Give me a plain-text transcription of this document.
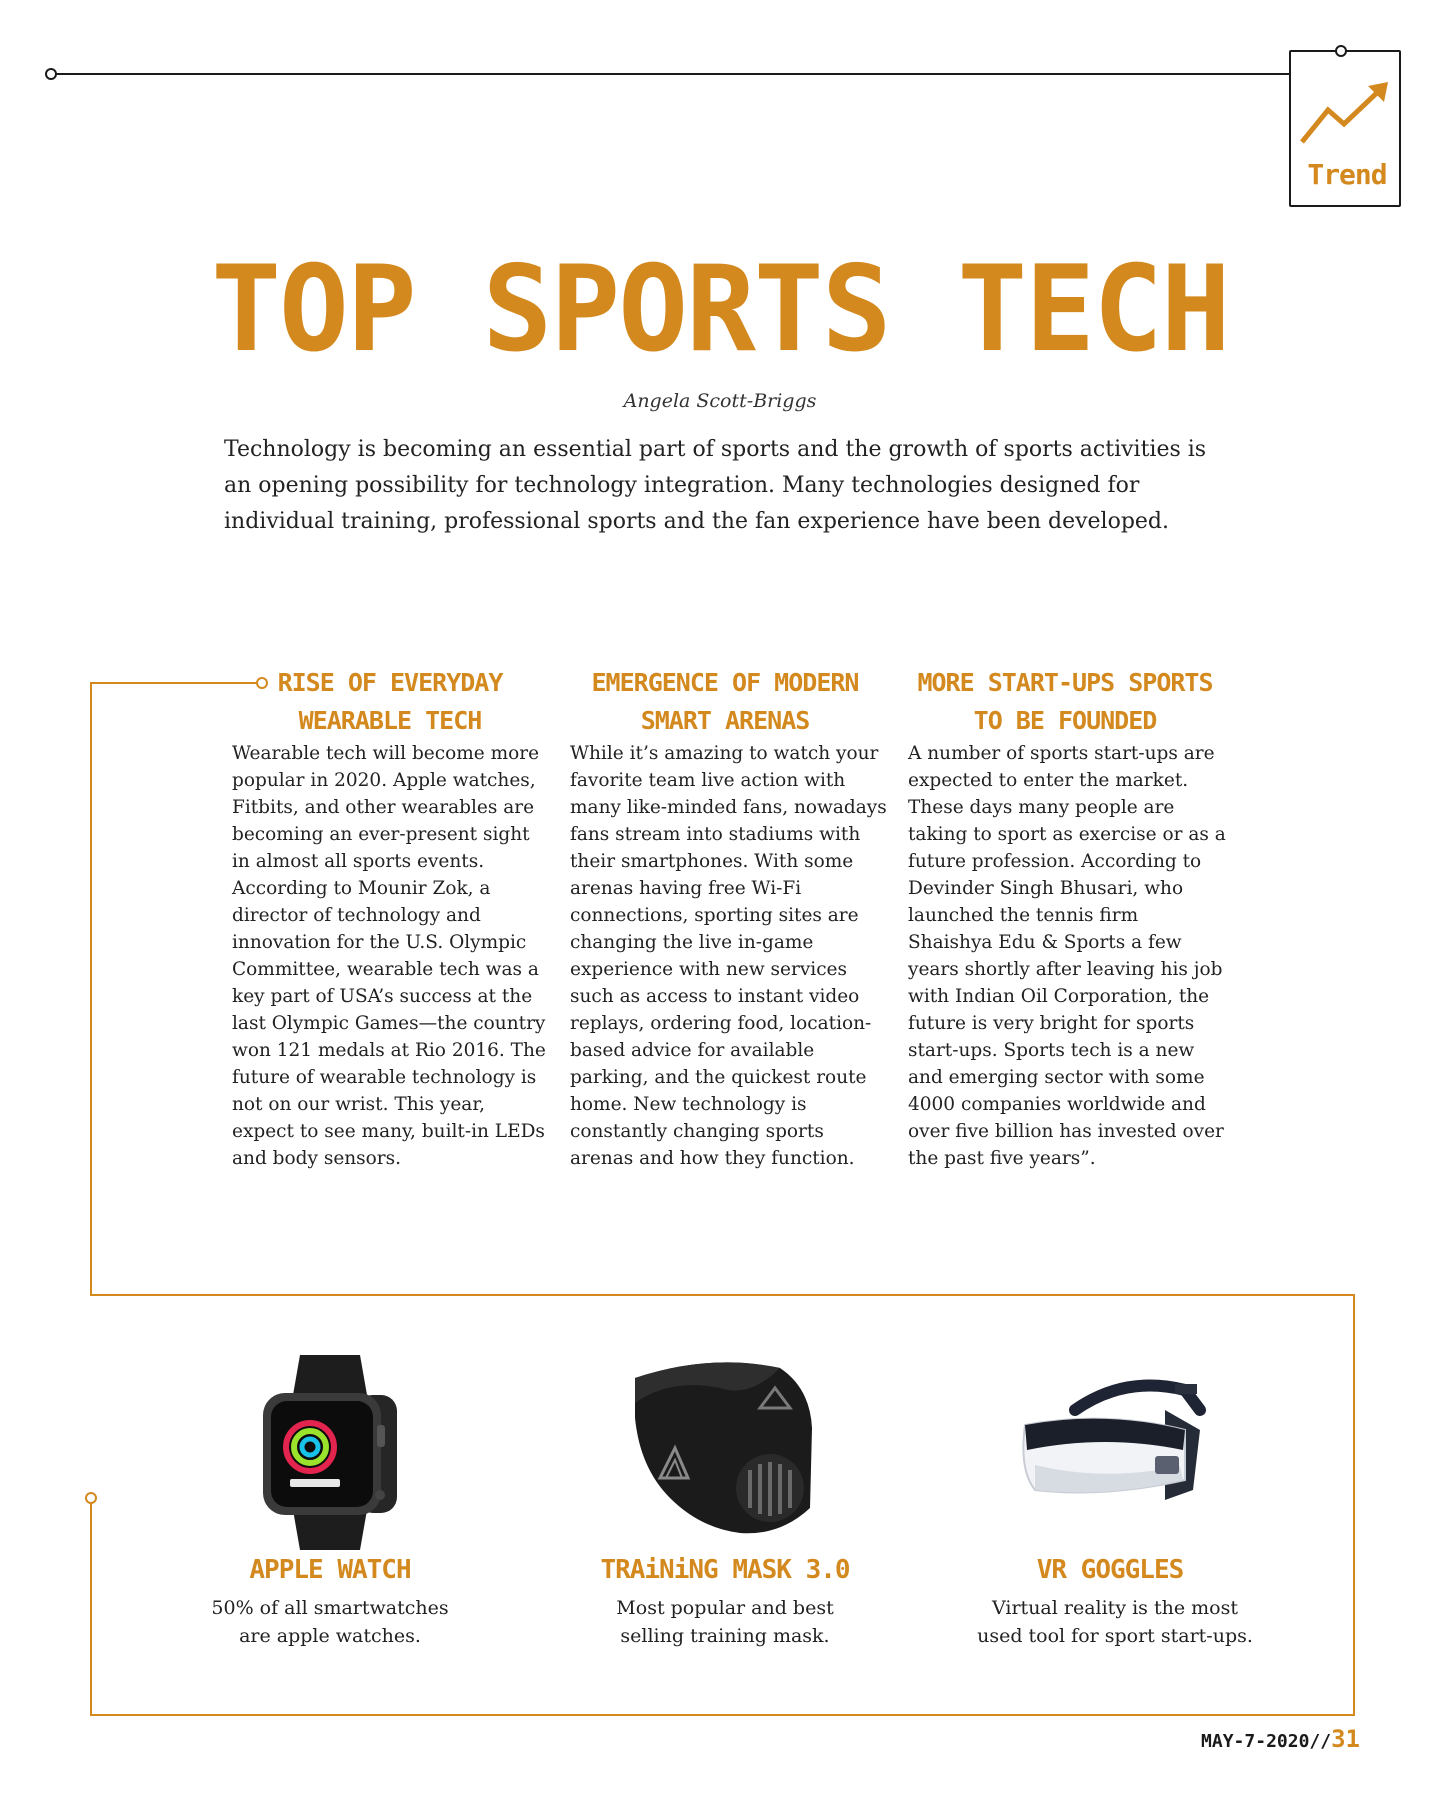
Trend
TOP SPORTS TECH
Angela Scott-Briggs
Technology is becoming an essential part of sports and the growth of sports activities is an opening possibility for technology integration. Many technologies designed for individual training, professional sports and the fan experience have been developed.
RISE OF EVERYDAY
WEARABLE TECH
Wearable tech will become more popular in 2020. Apple watches, Fitbits, and other wearables are becoming an ever-present sight in almost all sports events. According to Mounir Zok, a director of technology and innovation for the U.S. Olympic Committee, wearable tech was a key part of USA’s success at the last Olympic Games—the country won 121 medals at Rio 2016. The future of wearable technology is not on our wrist. This year, expect to see many, built-in LEDs and body sensors.
EMERGENCE OF MODERN
SMART ARENAS
While it’s amazing to watch your favorite team live action with many like-minded fans, nowadays fans stream into stadiums with their smartphones. With some arenas having free Wi-Fi connections, sporting sites are changing the live in-game experience with new services such as access to instant video replays, ordering food, location-based advice for available parking, and the quickest route home. New technology is constantly changing sports arenas and how they function.
MORE START-UPS SPORTS
TO BE FOUNDED
A number of sports start-ups are expected to enter the market. These days many people are taking to sport as exercise or as a future profession. According to Devinder Singh Bhusari, who launched the tennis firm Shaishya Edu & Sports a few years shortly after leaving his job with Indian Oil Corporation, the future is very bright for sports start-ups. Sports tech is a new and emerging sector with some 4000 companies worldwide and over five billion has invested over the past five years”.
APPLE WATCH
50% of all smartwatches
are apple watches.
TRAiNiNG MASK 3.0
Most popular and best
selling training mask.
VR GOGGLES
Virtual reality is the most
used tool for sport start-ups.
MAY-7-2020//31
